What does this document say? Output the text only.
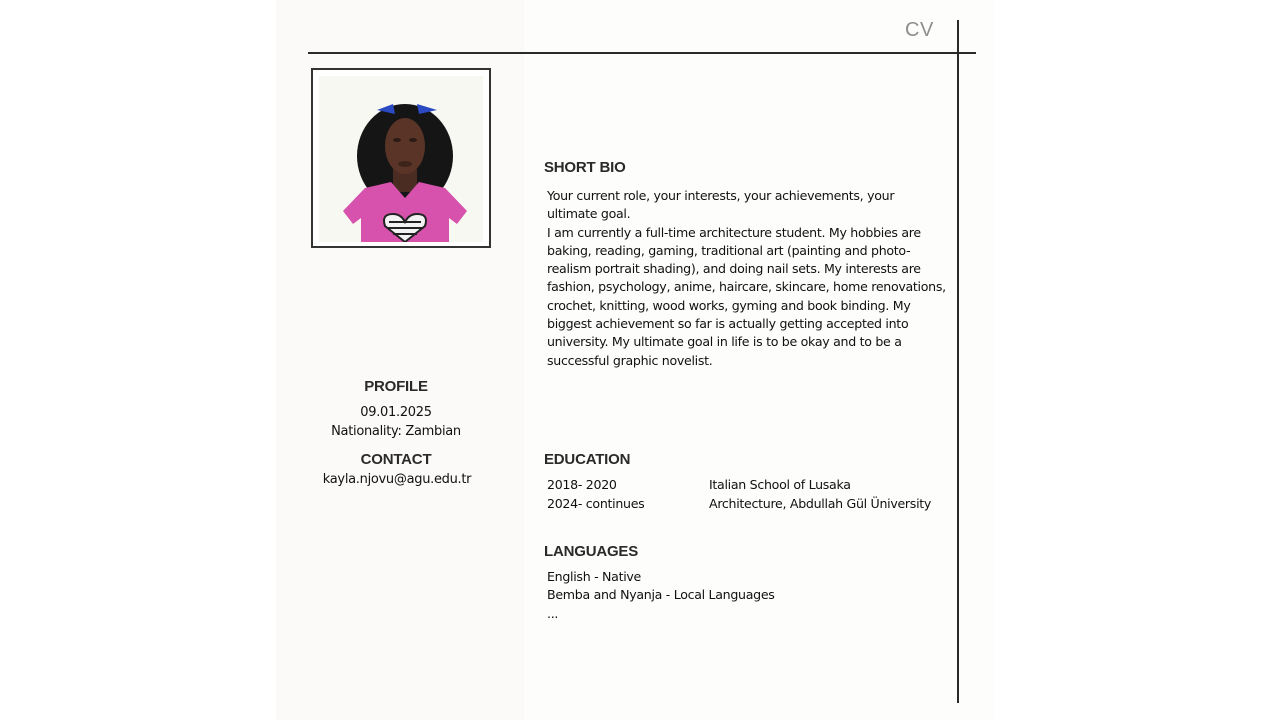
CV
PROFILE
09.01.2025
Nationality: Zambian
CONTACT
kayla.njovu@agu.edu.tr
SHORT BIO

Your current role, your interests, your achievements, your ultimate goal.

I am currently a full-time architecture student. My hobbies are baking, reading, gaming, traditional art (painting and photo-realism portrait shading), and doing nail sets. My interests are fashion, psychology, anime, haircare, skincare, home renovations, crochet, knitting, wood works, gyming and book binding. My biggest achievement so far is actually getting accepted into university. My ultimate goal in life is to be okay and to be a successful graphic novelist.

EDUCATION
2018- 2020	Italian School of Lusaka
2024- continues	Architecture, Abdullah Gül Üniversity
LANGUAGES
English - Native
Bemba and Nyanja - Local Languages
...
